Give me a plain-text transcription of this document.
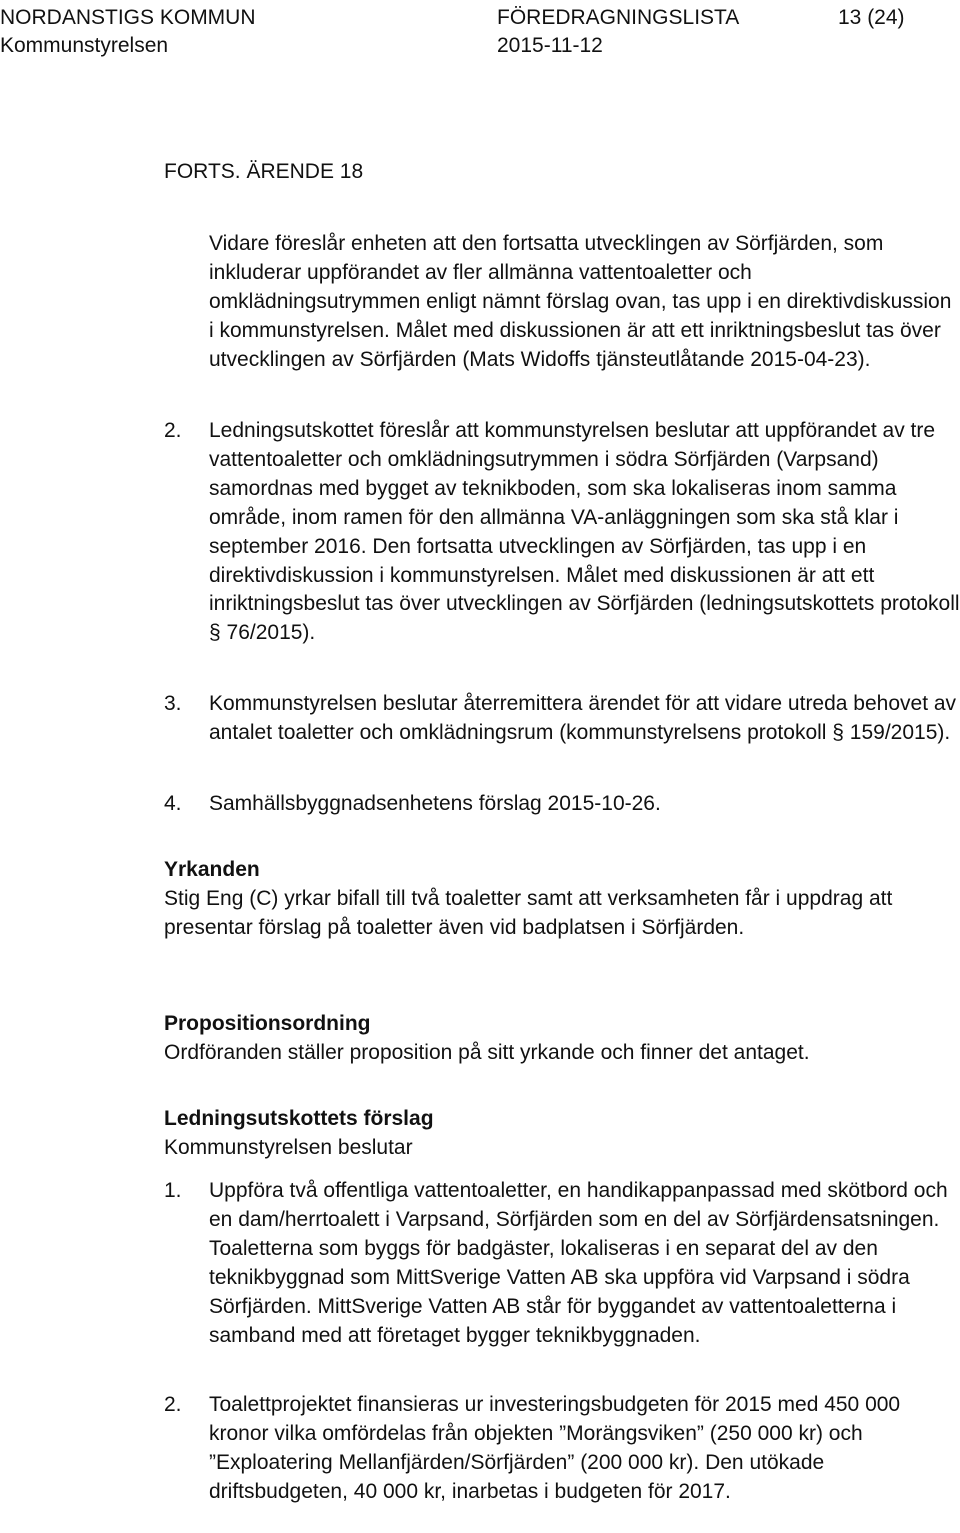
NORDANSTIGS KOMMUN	FÖREDRAGNINGSLISTA	13 (24)
Kommunstyrelsen	2015-11-12
FORTS. ÄRENDE 18

Vidare föreslår enheten att den fortsatta utvecklingen av Sörfjärden, som inkluderar uppförandet av fler allmänna vattentoaletter och omklädningsutrymmen enligt nämnt förslag ovan, tas upp i en direktivdiskussion i kommunstyrelsen. Målet med diskussionen är att ett inriktningsbeslut tas över utvecklingen av Sörfjärden (Mats Widoffs tjänsteutlåtande 2015-04-23).

2. Ledningsutskottet föreslår att kommunstyrelsen beslutar att uppförandet av tre vattentoaletter och omklädningsutrymmen i södra Sörfjärden (Varpsand) samordnas med bygget av teknikboden, som ska lokaliseras inom samma område, inom ramen för den allmänna VA-anläggningen som ska stå klar i september 2016. Den fortsatta utvecklingen av Sörfjärden, tas upp i en direktivdiskussion i kommunstyrelsen. Målet med diskussionen är att ett inriktningsbeslut tas över utvecklingen av Sörfjärden (ledningsutskottets protokoll § 76/2015).

3. Kommunstyrelsen beslutar återremittera ärendet för att vidare utreda behovet av antalet toaletter och omklädningsrum (kommunstyrelsens protokoll § 159/2015).

4. Samhällsbyggnadsenhetens förslag 2015-10-26.

Yrkanden
Stig Eng (C) yrkar bifall till två toaletter samt att verksamheten får i uppdrag att presentar förslag på toaletter även vid badplatsen i Sörfjärden.
Propositionsordning
Ordföranden ställer proposition på sitt yrkande och finner det antaget.
Ledningsutskottets förslag
Kommunstyrelsen beslutar
1. Uppföra två offentliga vattentoaletter, en handikappanpassad med skötbord och en dam/herrtoalett i Varpsand, Sörfjärden som en del av Sörfjärdensatsningen. Toaletterna som byggs för badgäster, lokaliseras i en separat del av den teknikbyggnad som MittSverige Vatten AB ska uppföra vid Varpsand i södra Sörfjärden. MittSverige Vatten AB står för byggandet av vattentoaletterna i samband med att företaget bygger teknikbyggnaden.

2. Toalettprojektet finansieras ur investeringsbudgeten för 2015 med 450 000 kronor vilka omfördelas från objekten ”Morängsviken” (250 000 kr) och ”Exploatering Mellanfjärden/Sörfjärden” (200 000 kr). Den utökade driftsbudgeten, 40 000 kr, inarbetas i budgeten för 2017.
